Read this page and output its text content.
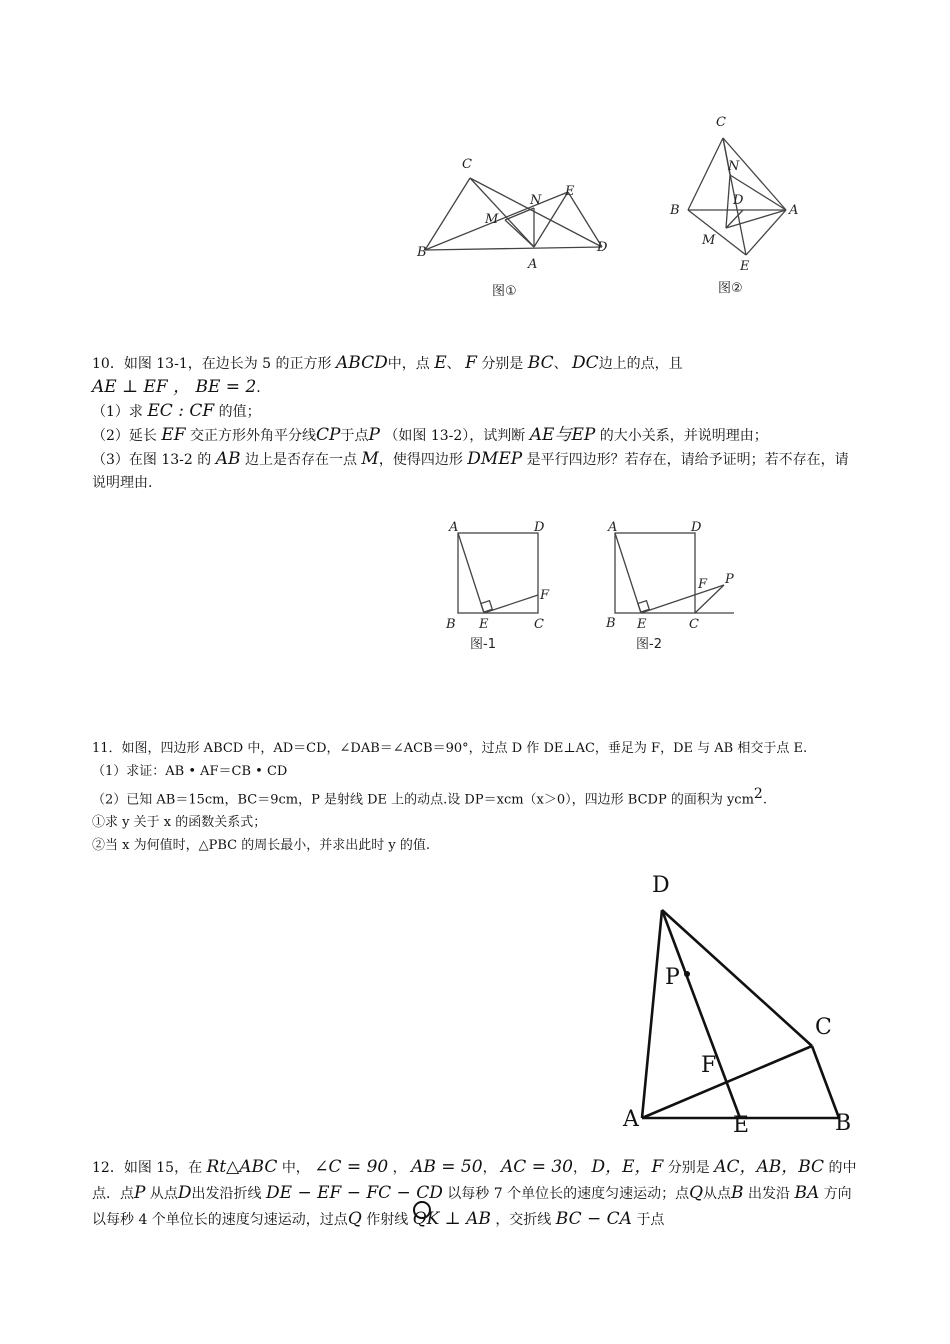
C
B
A
D
E
N
M
图①
C
N
D
B	A
M
E
图②

10．如图 13-1，在边长为 5 的正方形 ABCD中，点 E、 F 分别是 BC、 DC边上的点，且

AE ⊥ EF ， BE = 2.

（1）求 EC : CF 的值；

（2）延长 EF 交正方形外角平分线CP于点P （如图 13-2），试判断 AE与EP 的大小关系，并说明理由；

（3）在图 13-2 的 AB 边上是否存在一点 M，使得四边形 DMEP 是平行四边形？若存在，请给予证明；若不存在，请说明理由.

A	D
B E	C
F
图-1
A	D
B E	C
F P
图-2

11．如图，四边形 ABCD 中，AD＝CD，∠DAB＝∠ACB＝90°，过点 D 作 DE⊥AC，垂足为 F，DE 与 AB 相交于点 E.

（1）求证：AB • AF＝CB • CD

（2）已知 AB＝15cm，BC＝9cm，P 是射线 DE 上的动点.设 DP＝xcm（x＞0），四边形 BCDP 的面积为 ycm$^2$.

①求 y 关于 x 的函数关系式；

②当 x 为何值时，△PBC 的周长最小，并求出此时 y 的值.

D
P
C
F
A	E	B

12．如图 15，在 Rt△ABC 中， ∠C = 90 ， AB = 50， AC = 30， D，E，F 分别是 AC，AB，BC 的中点．点P 从点D出发沿折线 DE − EF − FC − CD 以每秒 7 个单位长的速度匀速运动；点Q从点B 出发沿 BA 方向以每秒 4 个单位长的速度匀速运动，过点Q 作射线 QK ⊥ AB ，交折线 BC − CA 于点
